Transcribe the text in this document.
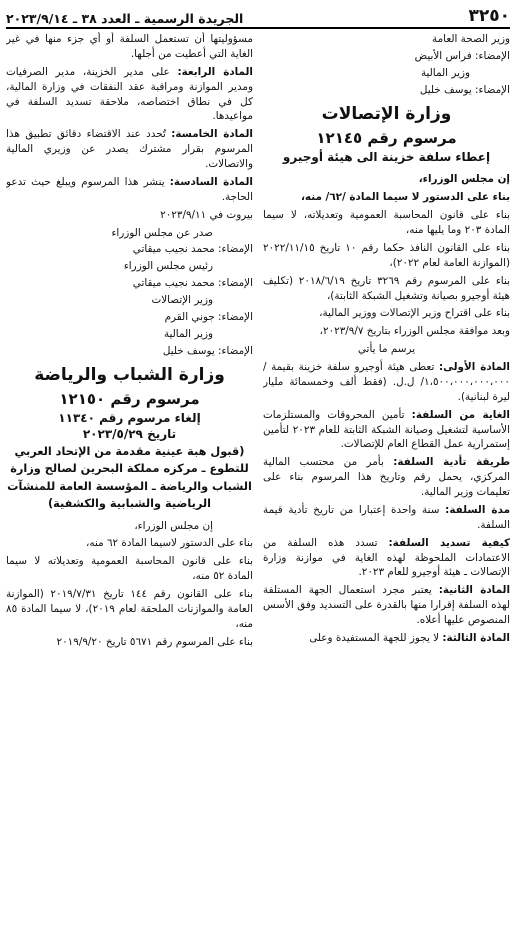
٣٢٥٠
الجريدة الرسمية ـ العدد ٣٨ ـ ٢٠٢٣/٩/١٤

وزير الصحة العامة

الإمضاء: فراس الأبيض

وزير المالية

الإمضاء: يوسف خليل

وزارة الإتصالات
مرسوم رقم ١٢١٤٥
إعطاء سلفة خزينة الى هيئة أوجيرو

إن مجلس الوزراء،

بناء على الدستور لا سيما المادة /٦٢/ منه،

بناء على قانون المحاسبة العمومية وتعديلاته، لا سيما المادة ٢٠٣ وما يليها منه،

بناء على القانون النافذ حكما رقم ١٠ تاريخ ٢٠٢٢/١١/١٥ (الموازنة العامة لعام ٢٠٢٢)،

بناء على المرسوم رقم ٣٢٦٩ تاريخ ٢٠١٨/٦/١٩ (تكليف هيئة أوجيرو بصيانة وتشغيل الشبكة الثابتة)،

بناء على اقتراح وزير الإتصالات ووزير المالية،

وبعد موافقة مجلس الوزراء بتاريخ ٢٠٢٣/٩/٧،

يرسم ما يأتي

المادة الأولى: تعطى هيئة أوجيرو سلفة خزينة بقيمة /١،٥٠٠،٠٠٠،٠٠٠،٠٠٠/ ل.ل. (فقط ألف وخمسمائة مليار ليرة لبنانية).

الغاية من السلفة: تأمين المحروقات والمستلزمات الأساسية لتشغيل وصيانة الشبكة الثابتة للعام ٢٠٢٣ لتأمين إستمرارية عمل القطاع العام للإتصالات.

طريقة تأدية السلفة: بأمر من محتسب المالية المركزي، يحمل رقم وتاريخ هذا المرسوم بناء على تعليمات وزير المالية.

مدة السلفة: سنة واحدة إعتبارا من تاريخ تأدية قيمة السلفة.

كيفية تسديد السلفة: تسدد هذه السلفة من الاعتمادات الملحوظة لهذه الغاية في موازنة وزارة الإتصالات ـ هيئة أوجيرو للعام ٢٠٢٣.

المادة الثانية: يعتبر مجرد استعمال الجهة المستلفة لهذه السلفة إقرارا منها بالقدرة على التسديد وفق الأسس المنصوص عليها أعلاه.

المادة الثالثة: لا يجوز للجهة المستفيدة وعلى

مسؤوليتها أن تستعمل السلفة أو أي جزء منها في غير الغاية التي أعطيت من أجلها.

المادة الرابعة: على مدير الخزينة، مدير الصرفيات ومدير الموازنة ومراقبة عقد النفقات في وزارة المالية، كل في نطاق اختصاصه، ملاحقة تسديد السلفة في مواعيدها.

المادة الخامسة: تُحدد عند الاقتضاء دقائق تطبيق هذا المرسوم بقرار مشترك يصدر عن وزيري المالية والاتصالات.

المادة السادسة: ينشر هذا المرسوم ويبلغ حيث تدعو الحاجة.

بيروت في ٢٠٢٣/٩/١١

صدر عن مجلس الوزراء

الإمضاء: محمد نجيب ميقاتي

رئيس مجلس الوزراء

الإمضاء: محمد نجيب ميقاتي

وزير الإتصالات

الإمضاء: جوني القرم

وزير المالية

الإمضاء: يوسف خليل

وزارة الشباب والرياضة
مرسوم رقم ١٢١٥٠
إلغاء مرسوم رقم ١١٣٤٠
تاريخ ٢٠٢٣/٥/٢٩
(قبول هبة عينية مقدمة من الإتحاد العربي للتطوع ـ مركزه مملكة البحرين لصالح وزارة الشباب والرياضة ـ المؤسسة العامة للمنشآت الرياضية والشبابية والكشفية)

إن مجلس الوزراء،

بناء على الدستور لاسيما المادة ٦٢ منه،

بناء على قانون المحاسبة العمومية وتعديلاته لا سيما المادة ٥٢ منه،

بناء على القانون رقم ١٤٤ تاريخ ٢٠١٩/٧/٣١ (الموازنة العامة والموازنات الملحقة لعام ٢٠١٩)، لا سيما المادة ٨٥ منه،

بناء على المرسوم رقم ٥٦٧١ تاريخ ٢٠١٩/٩/٢٠
